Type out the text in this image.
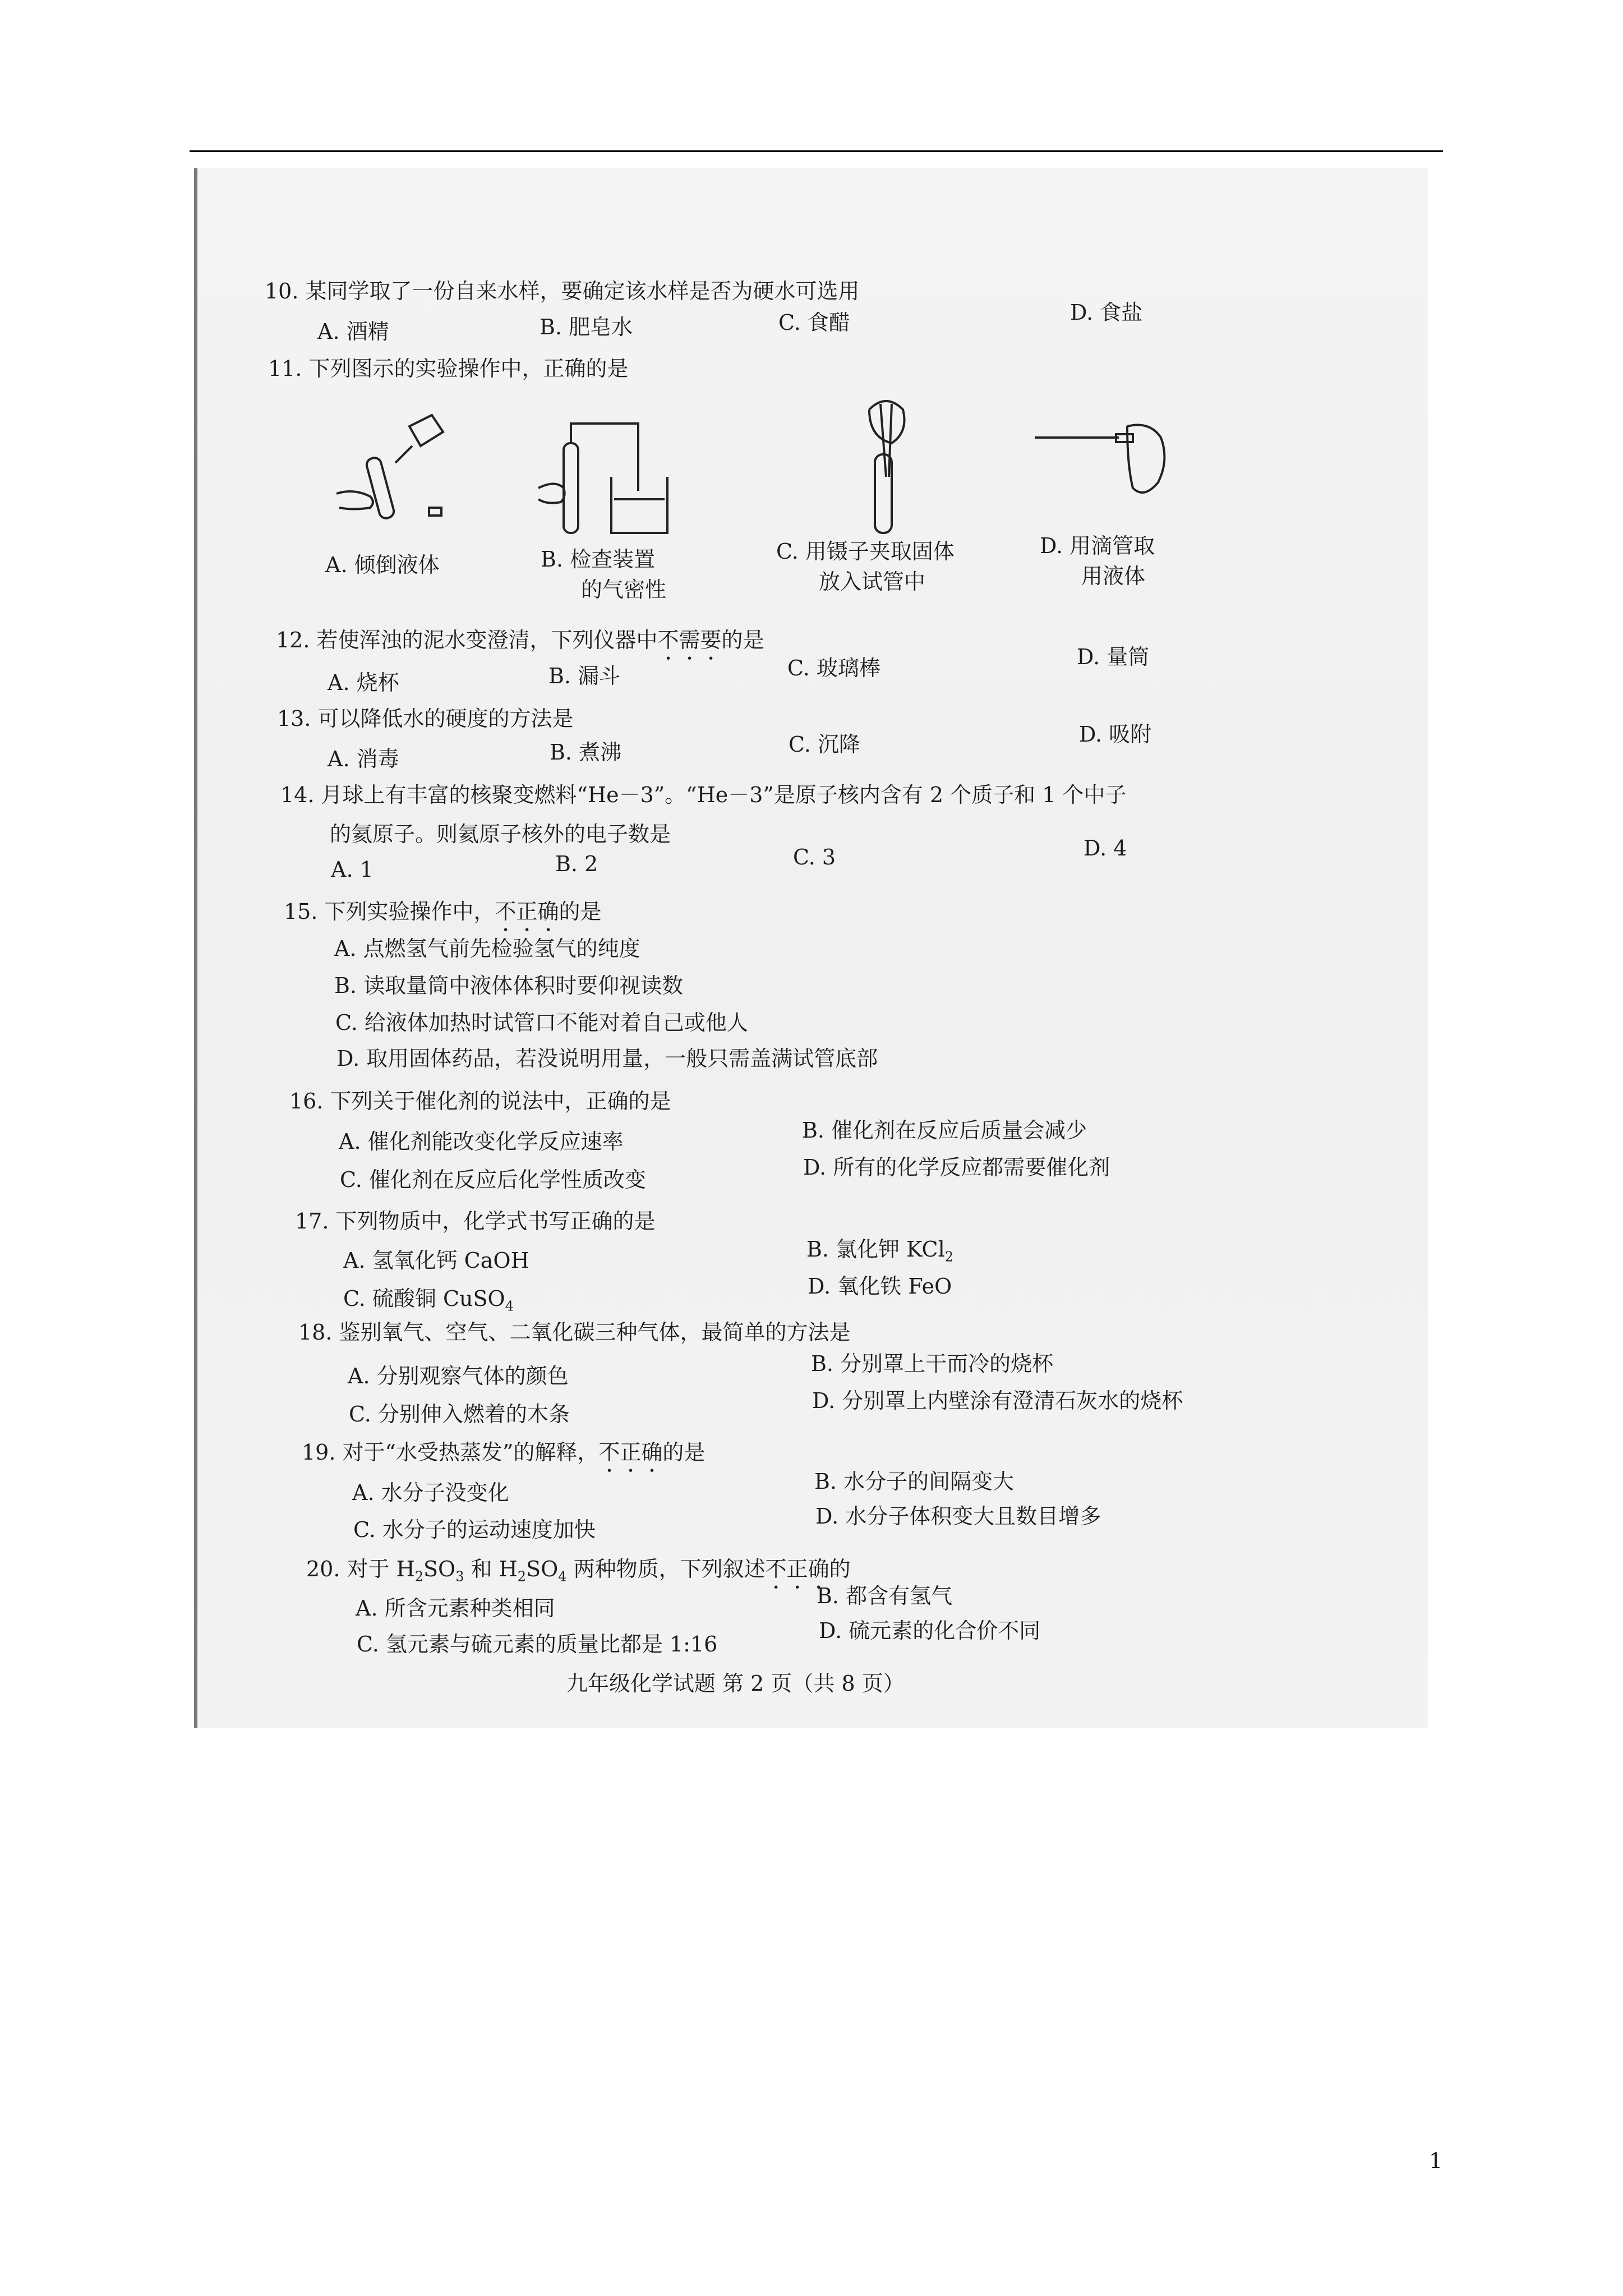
10. 某同学取了一份自来水样，要确定该水样是否为硬水可选用
A. 酒精	B. 肥皂水	C. 食醋	D. 食盐
11. 下列图示的实验操作中，正确的是
A. 倾倒液体	B. 检查装置
的气密性
C. 用镊子夹取固体
放入试管中
D. 用滴管取
用液体
12. 若使浑浊的泥水变澄清，下列仪器中不需要的是
A. 烧杯	B. 漏斗	C. 玻璃棒	D. 量筒
13. 可以降低水的硬度的方法是
A. 消毒	B. 煮沸	C. 沉降	D. 吸附
14. 月球上有丰富的核聚变燃料“He－3”。“He－3”是原子核内含有 2 个质子和 1 个中子
的氦原子。则氦原子核外的电子数是
A. 1	B. 2	C. 3	D. 4
15. 下列实验操作中，不正确的是
A. 点燃氢气前先检验氢气的纯度
B. 读取量筒中液体体积时要仰视读数
C. 给液体加热时试管口不能对着自己或他人
D. 取用固体药品，若没说明用量，一般只需盖满试管底部
16. 下列关于催化剂的说法中，正确的是
A. 催化剂能改变化学反应速率	B. 催化剂在反应后质量会减少
C. 催化剂在反应后化学性质改变	D. 所有的化学反应都需要催化剂
17. 下列物质中，化学式书写正确的是
A. 氢氧化钙 CaOH	B. 氯化钾 KCl$_2$
C. 硫酸铜 CuSO$_4$
D. 氧化铁 FeO
18. 鉴别氧气、空气、二氧化碳三种气体，最简单的方法是
A. 分别观察气体的颜色	B. 分别罩上干而冷的烧杯
C. 分别伸入燃着的木条
D. 分别罩上内壁涂有澄清石灰水的烧杯
19. 对于“水受热蒸发”的解释，不正确的是
A. 水分子没变化	B. 水分子的间隔变大
C. 水分子的运动速度加快
D. 水分子体积变大且数目增多
20. 对于 $H_2SO_3$ 和 $H_2SO_4$ 两种物质，下列叙述不正确的
A. 所含元素种类相同	B. 都含有氢气
C. 氢元素与硫元素的质量比都是 1:16
D. 硫元素的化合价不同
九年级化学试题 第 2 页（共 8 页）
1
